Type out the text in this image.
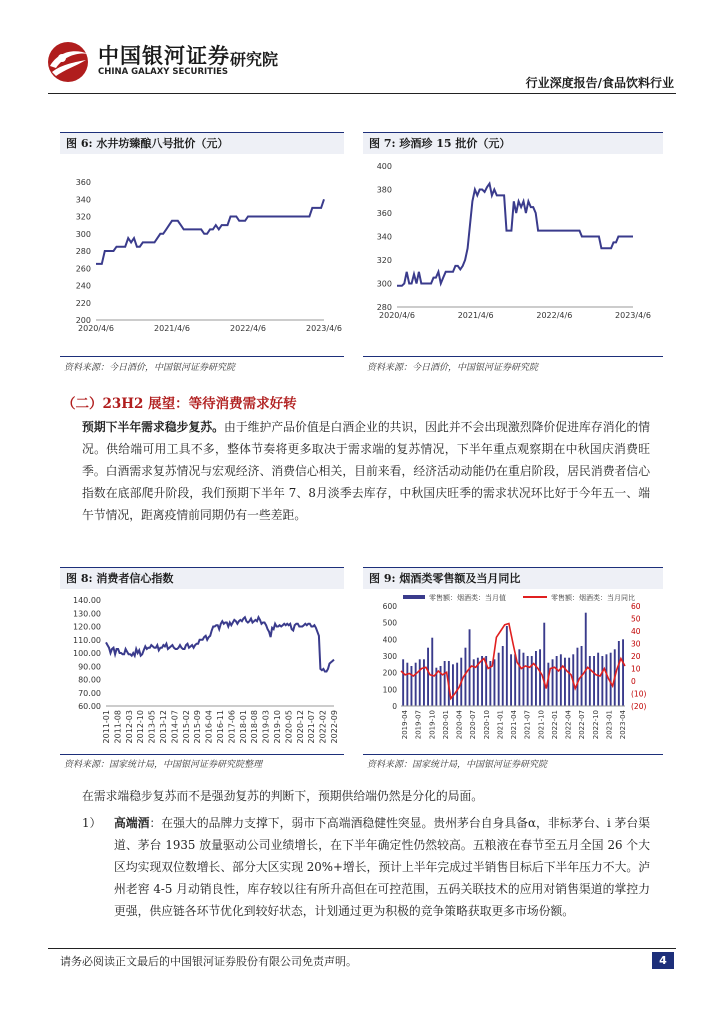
中国银河证券
CHINA GALAXY SECURITIES
研究院
行业深度报告/食品饮料行业
图 6: 水井坊臻酿八号批价（元）	图 7: 珍酒珍 15 批价（元）
图 8: 消费者信心指数	图 9: 烟酒类零售额及当月同比
200
220
240
260
280
300
320
340
360
2020/4/6	2021/4/6	2022/4/6	2023/4/6
280
300
320
340
360
380
400
2020/4/6	2021/4/6	2022/4/6	2023/4/6
60.00
70.00
80.00
90.00
100.00
110.00
120.00
130.00
140.00
2011-01 2011-08 2012-03 2012-10 2013-05 2013-12 2014-07 2015-02 2015-09 2016-04 2016-11 2017-06 2018-01 2018-08 2019-03 2019-10 2020-05 2020-12 2021-07 2022-02 2022-09
零售额：烟酒类：当月值	零售额：烟酒类：当月同比
0
100
200
300
400
500
600
(20)
(10)
0
10
20
30
40
50
60
2019-04 2019-07 2019-10 2020-01 2020-04 2020-07 2020-10 2021-01 2021-04 2021-07 2021-10 2022-01 2022-04 2022-07 2022-10 2023-01 2023-04
资料来源：今日酒价，中国银河证券研究院	资料来源：今日酒价，中国银河证券研究院
资料来源：国家统计局，中国银河证券研究院整理	资料来源：国家统计局，中国银河证券研究院
（二）23H2 展望：等待消费需求好转
预期下半年需求稳步复苏。由于维护产品价值是白酒企业的共识，因此并不会出现激烈降价促进库存消化的情况。供给端可用工具不多，整体节奏将更多取决于需求端的复苏情况，下半年重点观察期在中秋国庆消费旺季。白酒需求复苏情况与宏观经济、消费信心相关，目前来看，经济活动动能仍在重启阶段，居民消费者信心指数在底部爬升阶段，我们预期下半年 7、8月淡季去库存，中秋国庆旺季的需求状况环比好于今年五一、端午节情况，距离疫情前同期仍有一些差距。
在需求端稳步复苏而不是强劲复苏的判断下，预期供给端仍然是分化的局面。
1）	高端酒：在强大的品牌力支撑下，弱市下高端酒稳健性突显。贵州茅台自身具备α，非标茅台、i 茅台渠道、茅台 1935 放量驱动公司业绩增长，在下半年确定性仍然较高。五粮液在春节至五月全国 26 个大区均实现双位数增长、部分大区实现 20%+增长，预计上半年完成过半销售目标后下半年压力不大。泸州老窖 4-5 月动销良性，库存较以往有所升高但在可控范围，五码关联技术的应用对销售渠道的掌控力更强，供应链各环节优化到较好状态，计划通过更为积极的竞争策略获取更多市场份额。
请务必阅读正文最后的中国银河证券股份有限公司免责声明。	4
